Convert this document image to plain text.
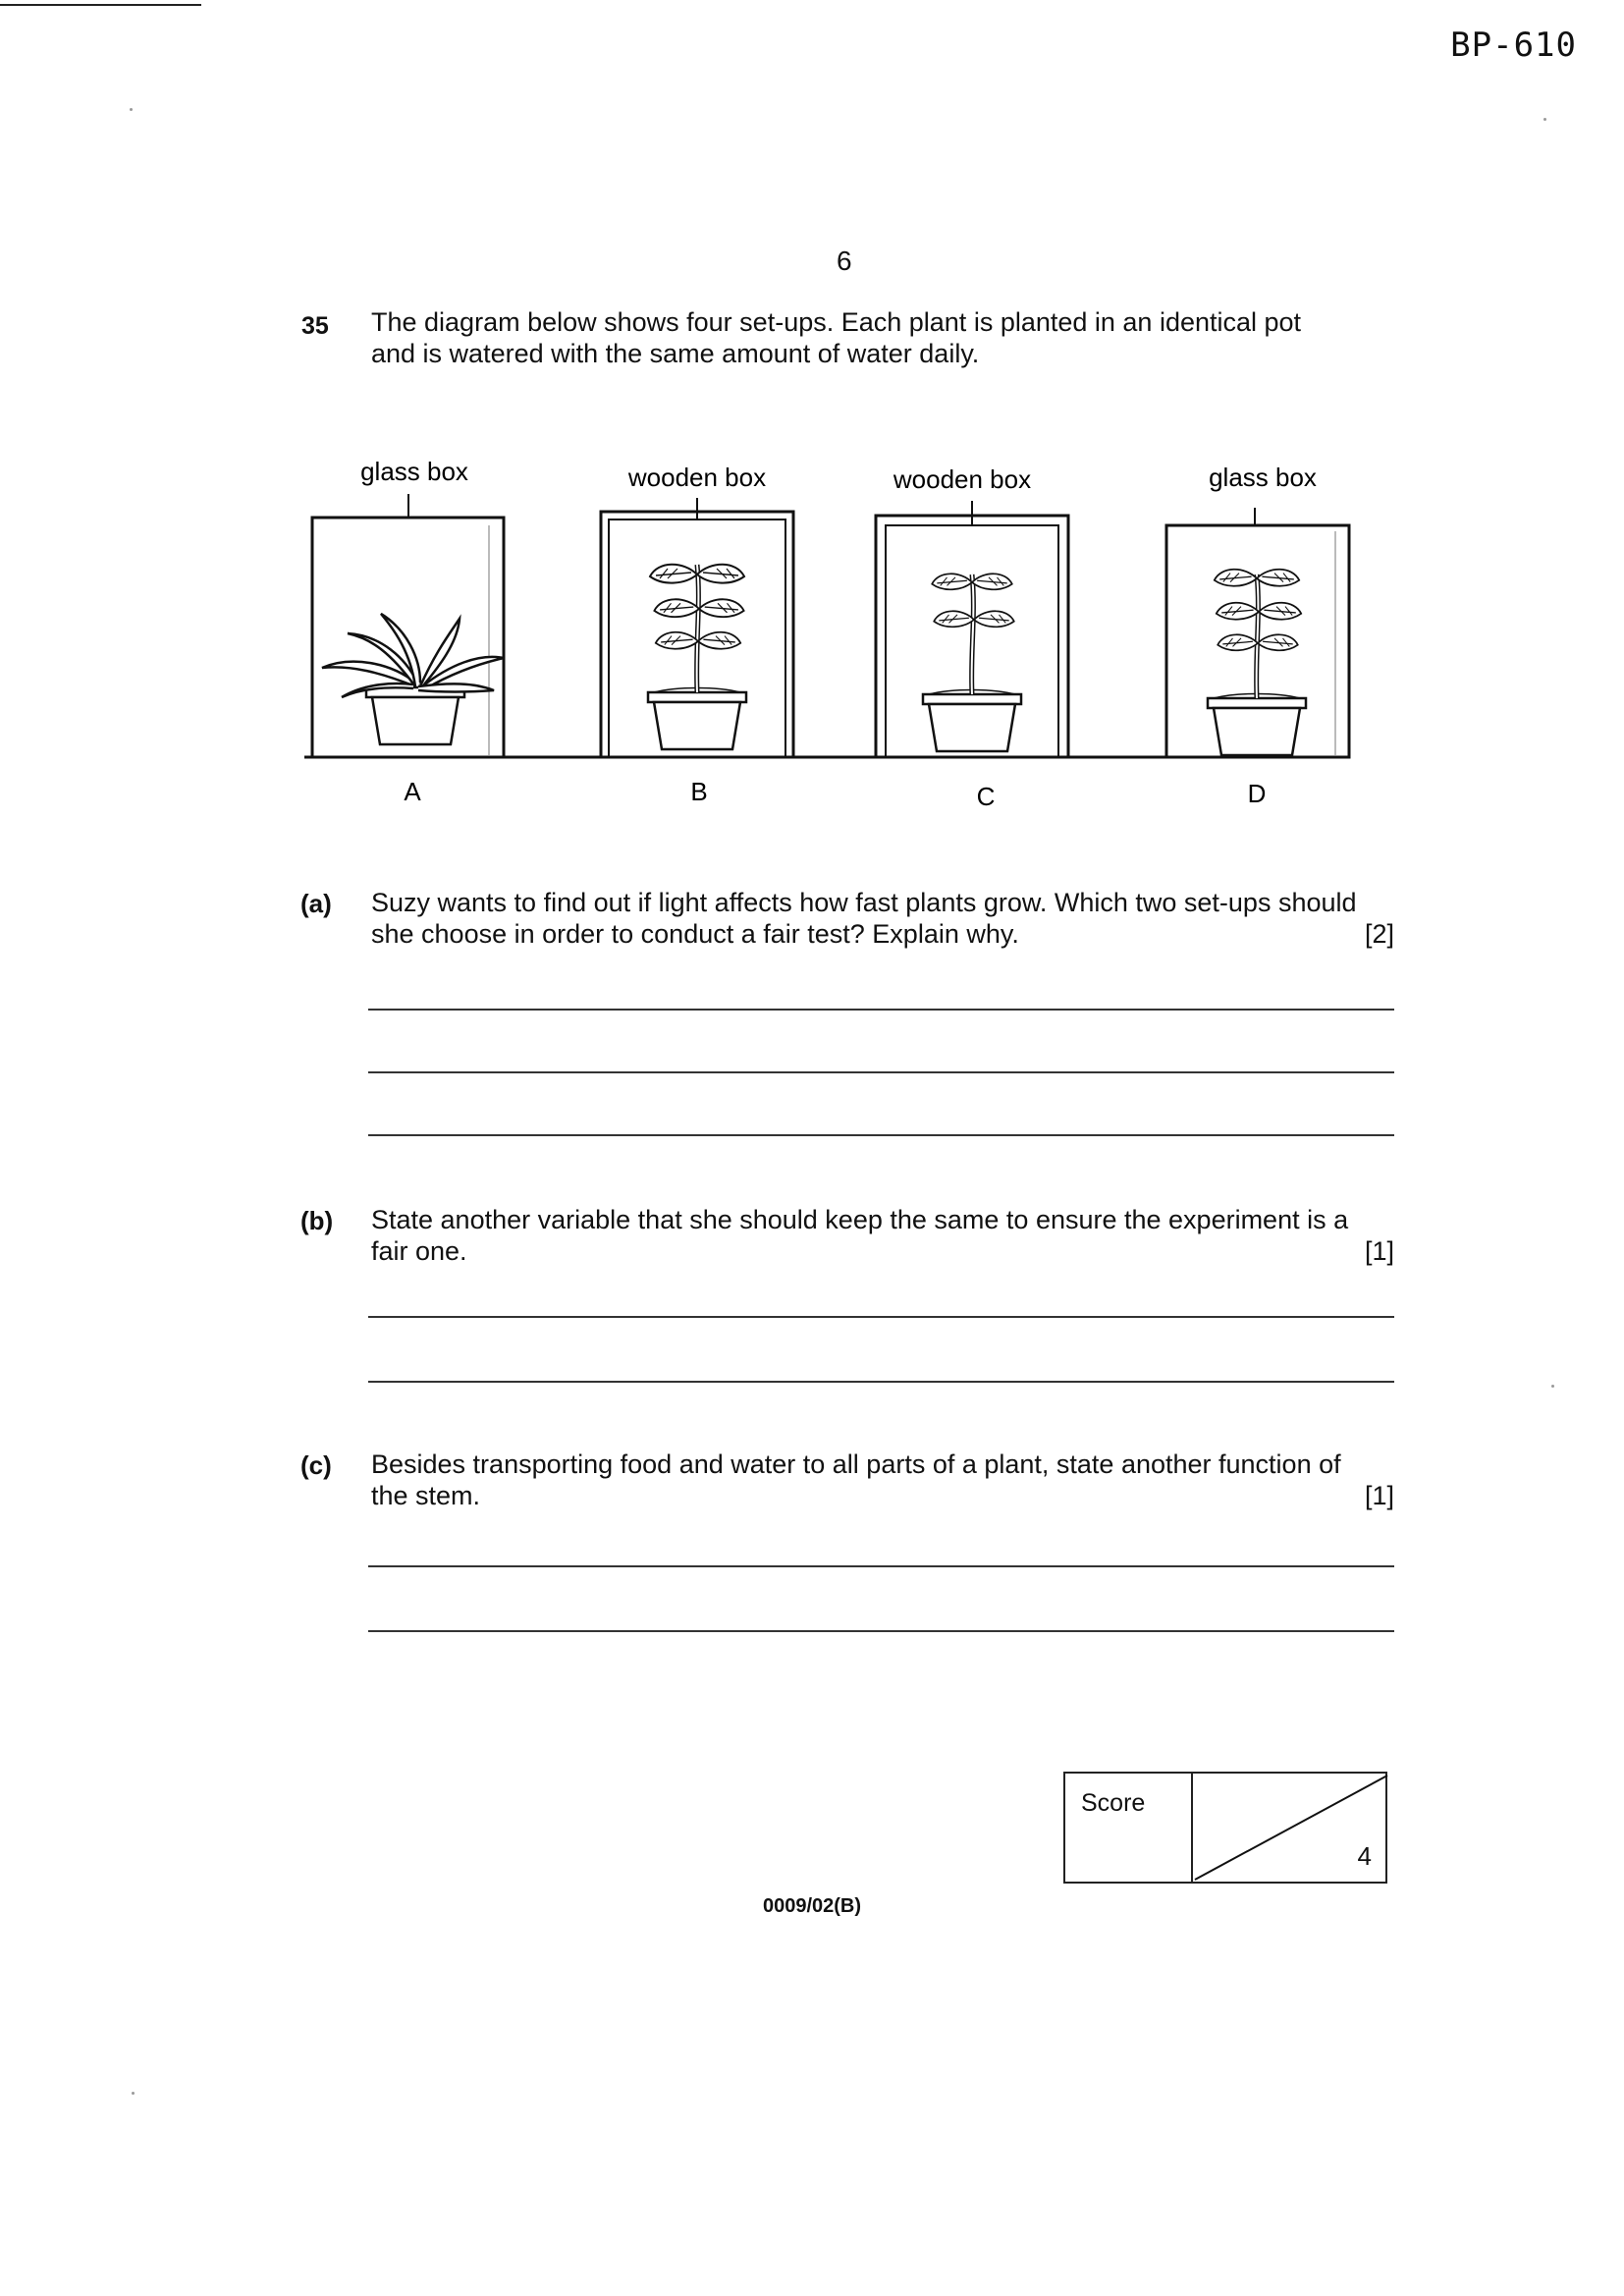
BP-610
6
35 The diagram below shows four set-ups. Each plant is planted in an identical pot
and is watered with the same amount of water daily.
glass box	wooden box	wooden box	glass box
A	B	C	D
(a) Suzy wants to find out if light affects how fast plants grow. Which two set-ups should
she choose in order to conduct a fair test? Explain why.	[2]
(b) State another variable that she should keep the same to ensure the experiment is a
fair one.	[1]
(c) Besides transporting food and water to all parts of a plant, state another function of
the stem.	[1]
Score

4
0009/02(B)
